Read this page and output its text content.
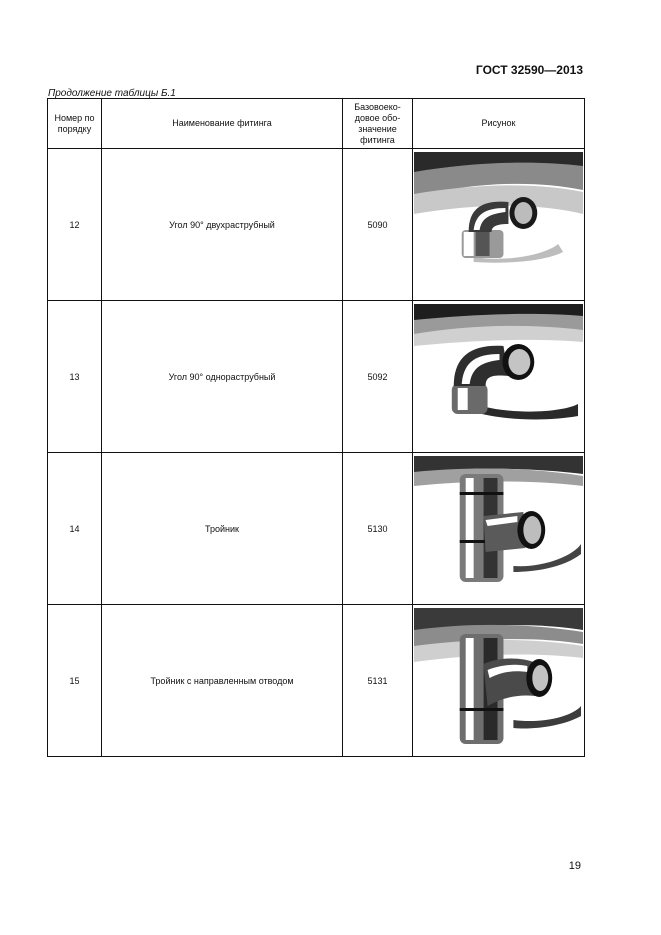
ГОСТ 32590—2013
Продолжение таблицы Б.1
Номер по порядку	Наименование фитинга	Базовоеко-довое обо-значение фитинга	Рисунок
12	Угол 90° двухраструбный	5090	

13	Угол 90° однораструбный	5092	

14	Тройник	5130	

15	Тройник с направленным отводом	5131	
19
